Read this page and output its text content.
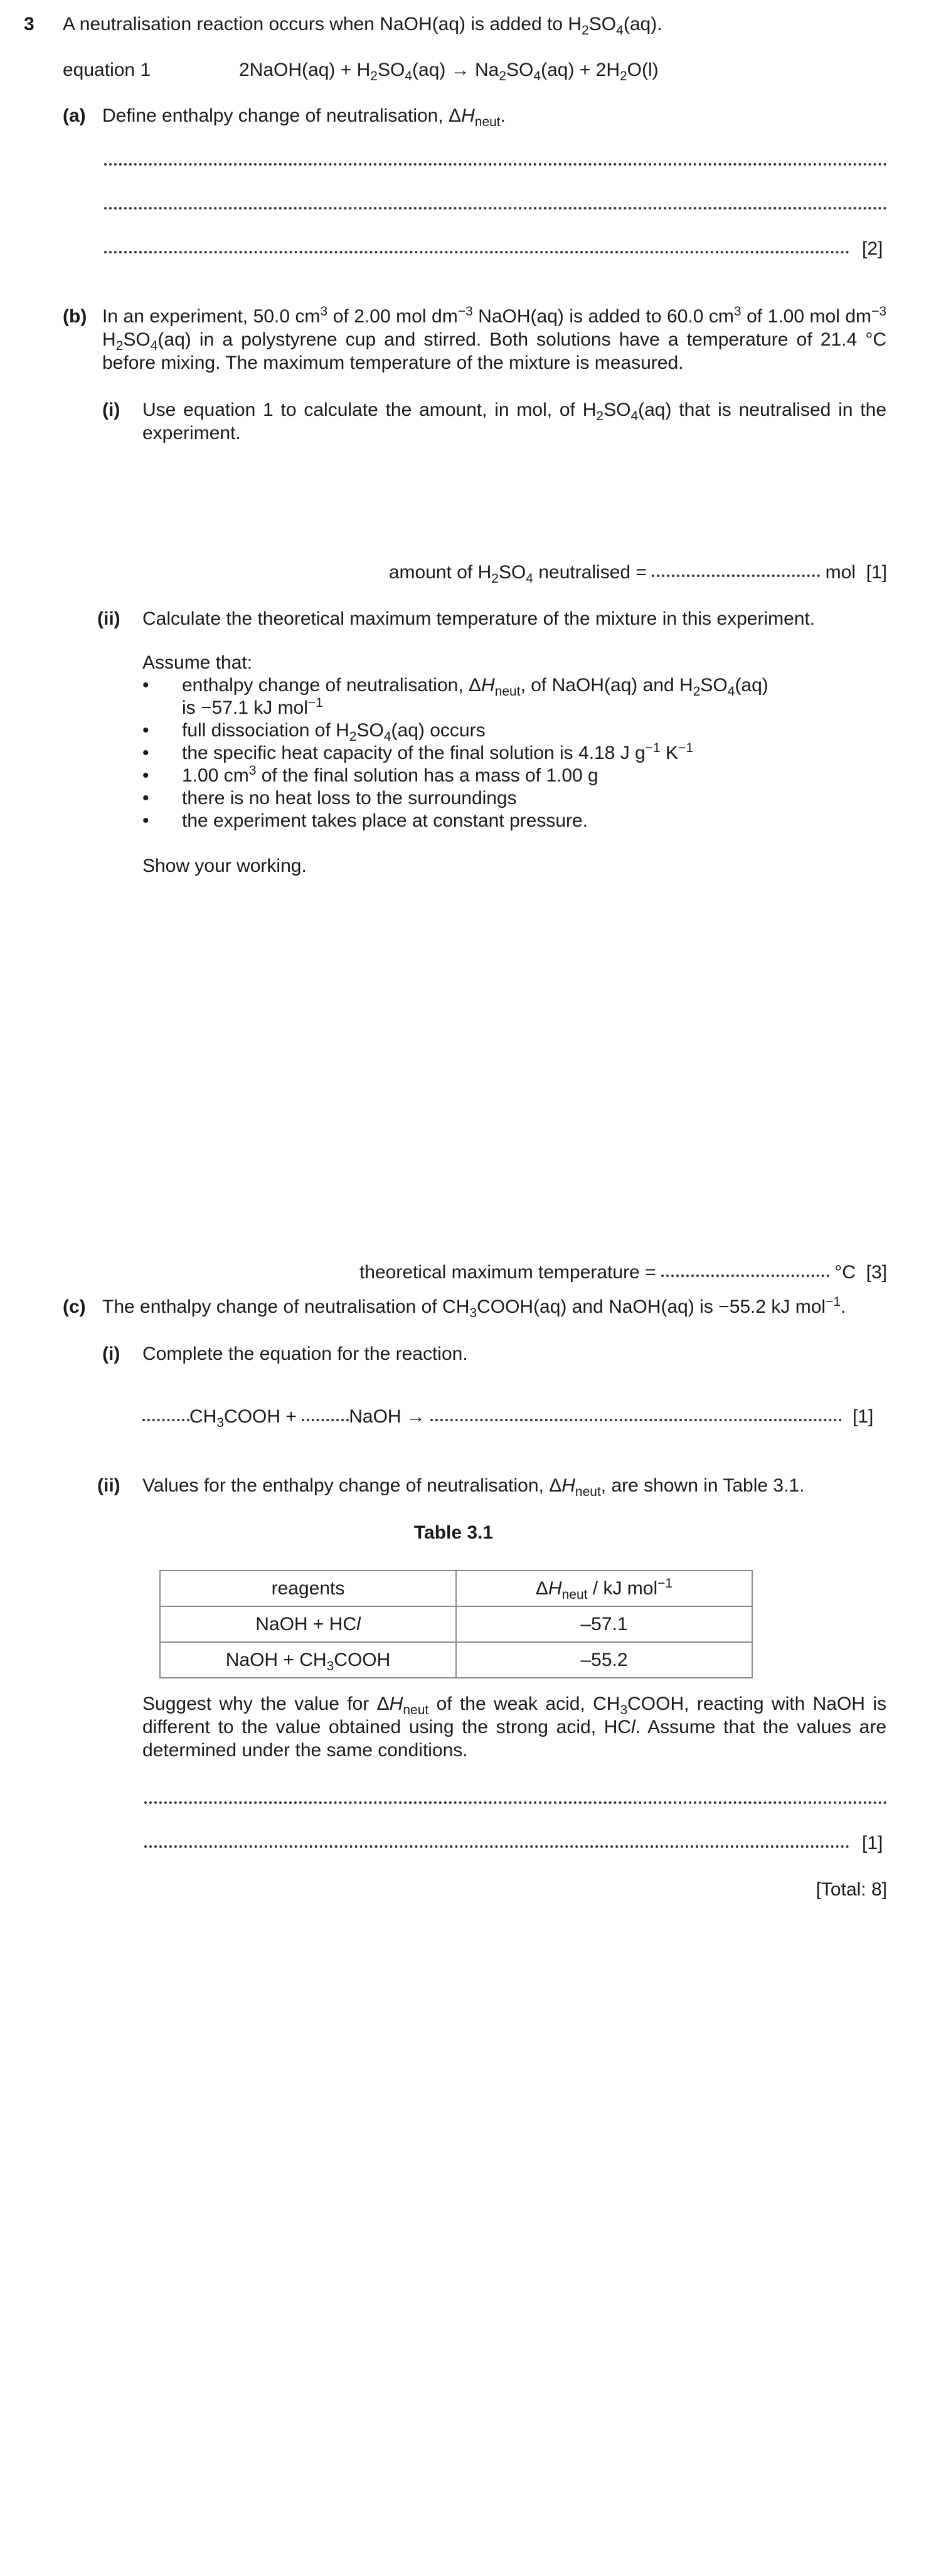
3 A neutralisation reaction occurs when NaOH(aq) is added to $H_2SO_4(aq)$.
equation 1	2NaOH(aq) + $H_2SO_4(aq) \to Na_2SO_4(aq) + 2H_2O(l)$
(a) Define enthalpy change of neutralisation, $\Delta H_{neut}$.
[2]
(b) In an experiment, 50.0 $cm^3$ of 2.00 mol $dm^{-3}$ NaOH(aq) is added to 60.0 $cm^3$ of 1.00 mol $dm^{-3}$
$H_2SO_4(aq)$ in a polystyrene cup and stirred. Both solutions have a temperature of 21.4 °C
before mixing. The maximum temperature of the mixture is measured.
(i) Use equation 1 to calculate the amount, in mol, of $H_2SO_4(aq)$ that is neutralised in the
experiment.
amount of $H_2SO_4$ neutralised =	mol [1]
(ii) Calculate the theoretical maximum temperature of the mixture in this experiment.
Assume that:
• enthalpy change of neutralisation, $\Delta H_{neut}$, of NaOH(aq) and $H_2SO_4(aq)$
is −57.1 kJ mol$^{-1}$
• full dissociation of $H_2SO_4(aq)$ occurs
• the specific heat capacity of the final solution is 4.18 J $g^{-1}$ $K^{-1}$
• 1.00 $cm^3$ of the final solution has a mass of 1.00 g
• there is no heat loss to the surroundings
• the experiment takes place at constant pressure.
Show your working.
theoretical maximum temperature =	°C [3]
(c) The enthalpy change of neutralisation of $CH_3COOH(aq)$ and NaOH(aq) is −55.2 kJ mol$^{-1}$.
(i) Complete the equation for the reaction.
$CH_3COOH$ +	NaOH →	[1]
(ii) Values for the enthalpy change of neutralisation, $\Delta H_{neut}$, are shown in Table 3.1.
Table 3.1
reagents	$\Delta H_{neut}$ / kJ mol$^{-1}$
NaOH + HCl	–57.1
NaOH + $CH_3COOH$	–55.2
Suggest why the value for $\Delta H_{neut}$ of the weak acid, $CH_3COOH$, reacting with NaOH is
different to the value obtained using the strong acid, HCl. Assume that the values are
determined under the same conditions.
[1]
[Total: 8]
